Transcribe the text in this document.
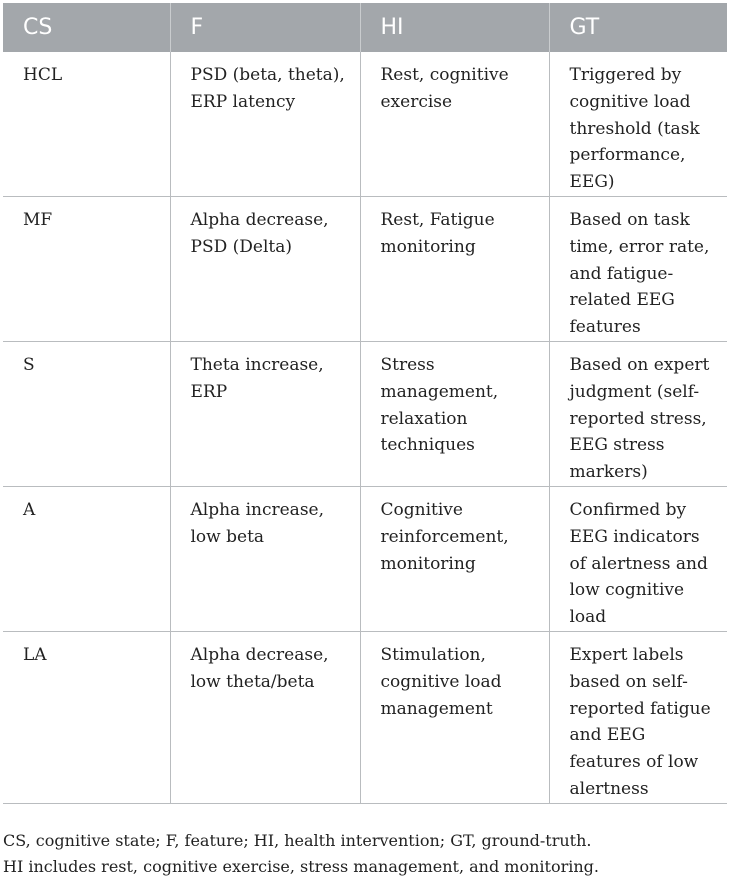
CS	F	HI	GT
HCL	PSD (beta, theta), ERP latency	Rest, cognitive exercise	Triggered by cognitive load threshold (task performance, EEG)
MF	Alpha decrease, PSD (Delta)	Rest, Fatigue monitoring	Based on task time, error rate, and fatigue-related EEG features
S	Theta increase, ERP	Stress management, relaxation techniques	Based on expert judgment (self-reported stress, EEG stress markers)
A	Alpha increase, low beta	Cognitive reinforcement, monitoring	Confirmed by EEG indicators of alertness and low cognitive load
LA	Alpha decrease, low theta/beta	Stimulation, cognitive load management	Expert labels based on self-reported fatigue and EEG features of low alertness
CS, cognitive state; F, feature; HI, health intervention; GT, ground-truth.
HI includes rest, cognitive exercise, stress management, and monitoring.
